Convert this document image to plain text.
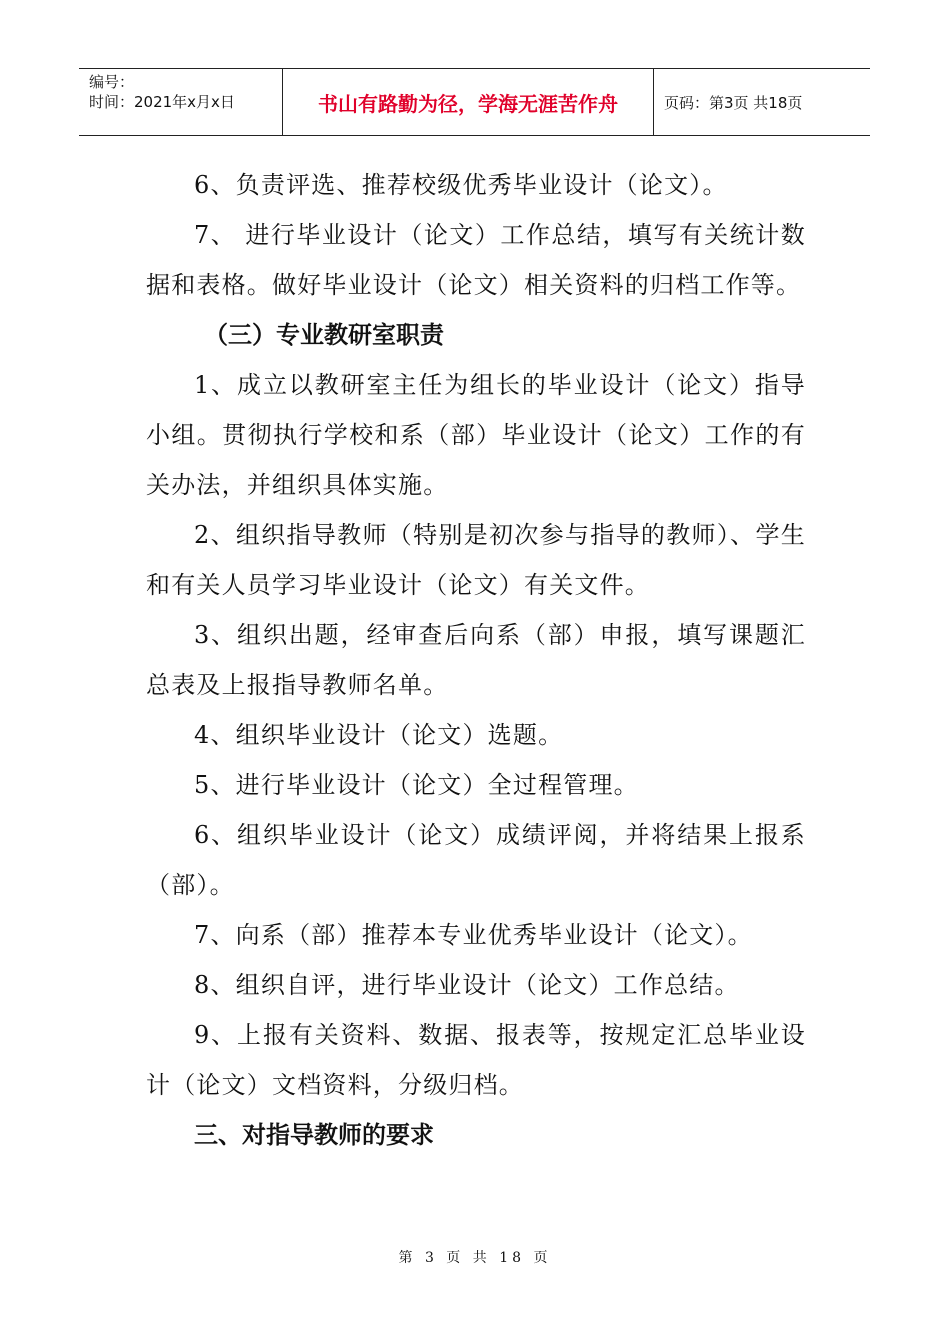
编号：
时间：2021年x月x日	书山有路勤为径，学海无涯苦作舟	页码：第3页 共18页

6、负责评选、推荐校级优秀毕业设计（论文）。

7、 进行毕业设计（论文）工作总结，填写有关统计数据和表格。做好毕业设计（论文）相关资料的归档工作等。

（三）专业教研室职责

1、成立以教研室主任为组长的毕业设计（论文）指导小组。贯彻执行学校和系（部）毕业设计（论文）工作的有关办法，并组织具体实施。

2、组织指导教师（特别是初次参与指导的教师）、学生和有关人员学习毕业设计（论文）有关文件。

3、组织出题，经审查后向系（部）申报，填写课题汇总表及上报指导教师名单。

4、组织毕业设计（论文）选题。

5、进行毕业设计（论文）全过程管理。

6、组织毕业设计（论文）成绩评阅，并将结果上报系（部）。

7、向系（部）推荐本专业优秀毕业设计（论文）。

8、组织自评，进行毕业设计（论文）工作总结。

9、上报有关资料、数据、报表等，按规定汇总毕业设计（论文）文档资料，分级归档。

三、对指导教师的要求

第 3 页 共 18 页
